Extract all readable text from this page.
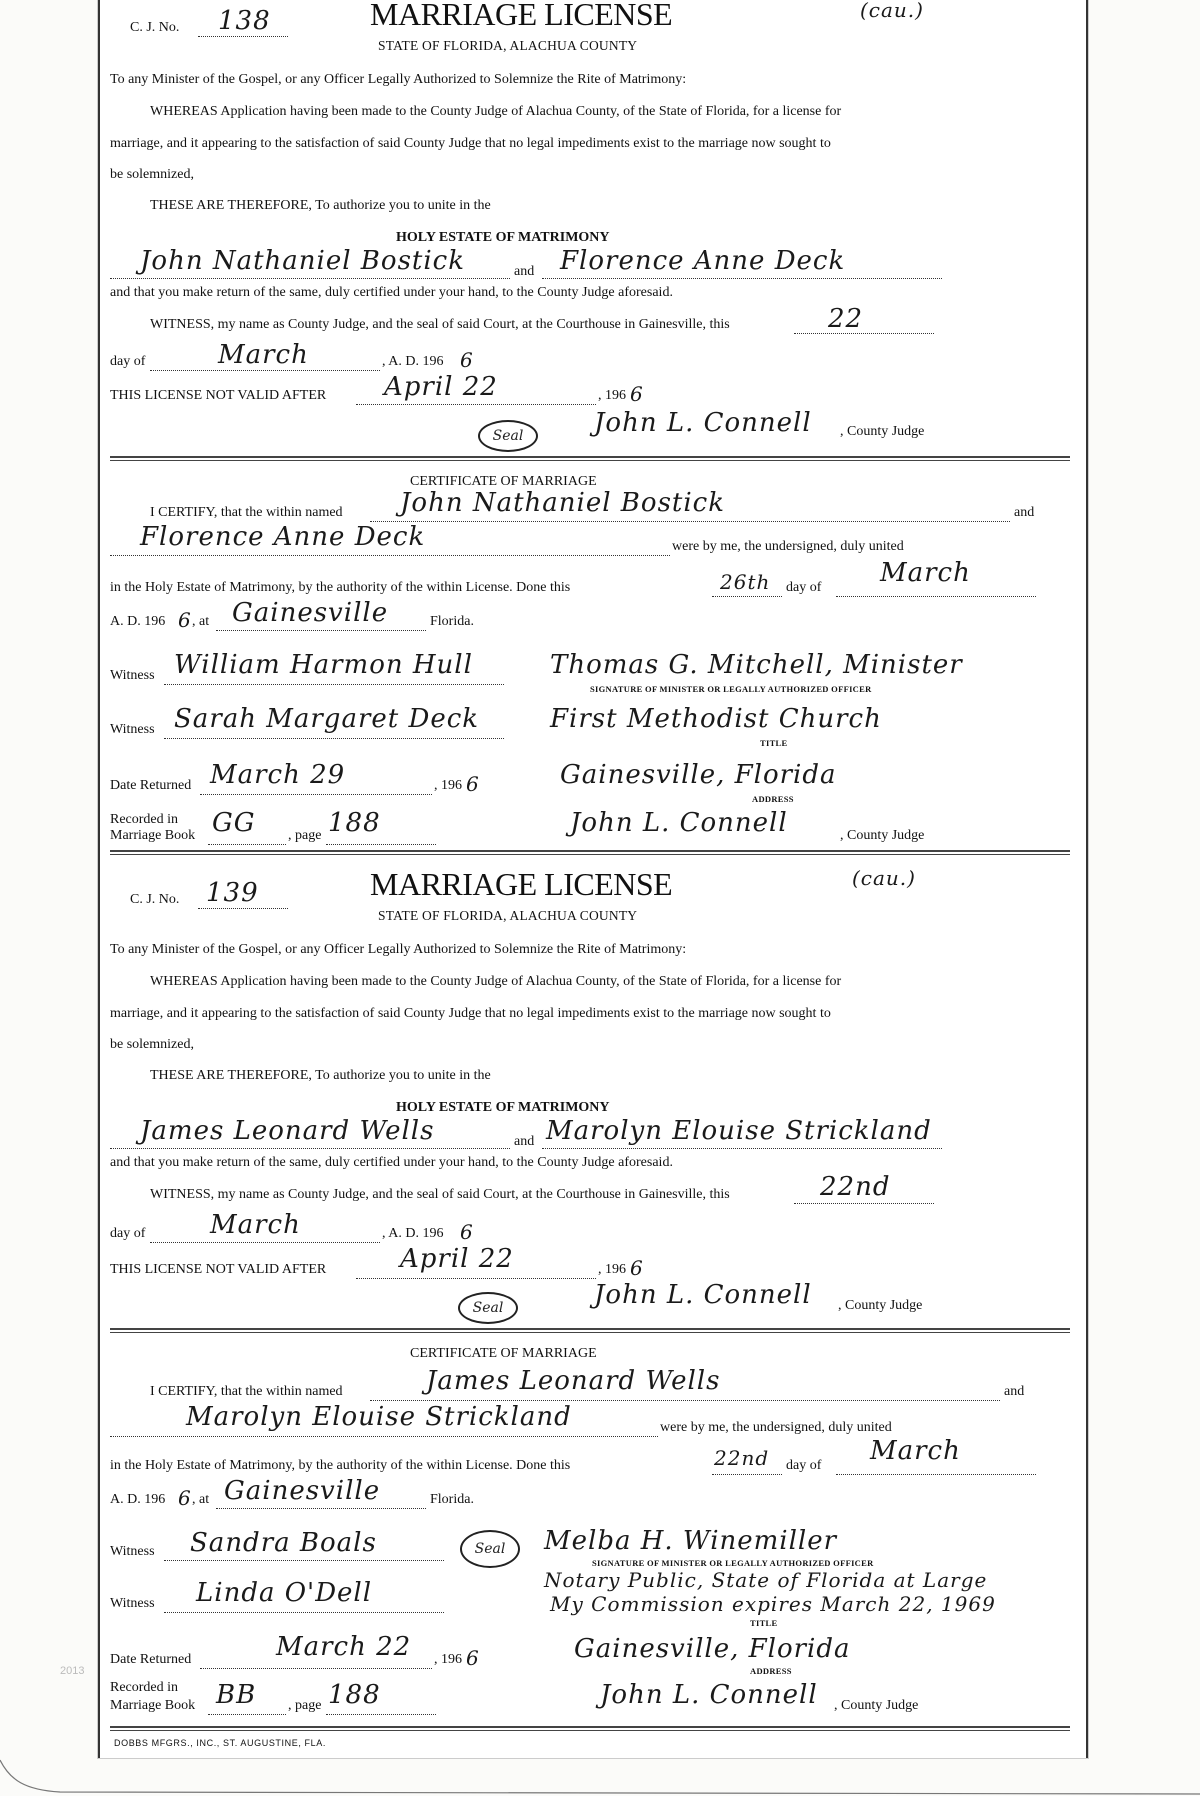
2013
C. J. No. 138	MARRIAGE LICENSE	(cau.)
STATE OF FLORIDA, ALACHUA COUNTY
To any Minister of the Gospel, or any Officer Legally Authorized to Solemnize the Rite of Matrimony:
WHEREAS Application having been made to the County Judge of Alachua County, of the State of Florida, for a license for
marriage, and it appearing to the satisfaction of said County Judge that no legal impediments exist to the marriage now sought to
be solemnized,
THESE ARE THEREFORE, To authorize you to unite in the
HOLY ESTATE OF MATRIMONY
John Nathaniel Bostick	and Florence Anne Deck
and that you make return of the same, duly certified under your hand, to the County Judge aforesaid.
WITNESS, my name as County Judge, and the seal of said Court, at the Courthouse in Gainesville, this	22
day of	March	, A. D. 196 6
THIS LICENSE NOT VALID AFTER April 22	, 196 6
Seal	John L. Connell , County Judge
CERTIFICATE OF MARRIAGE
I CERTIFY, that the within named John Nathaniel Bostick	and
Florence Anne Deck	were by me, the undersigned, duly united
in the Holy Estate of Matrimony, by the authority of the within License. Done this	26th day of March
A. D. 196 6 , at Gainesville	Florida.
Witness William Harmon Hull	Thomas G. Mitchell, Minister
SIGNATURE OF MINISTER OR LEGALLY AUTHORIZED OFFICER
Witness Sarah Margaret Deck	First Methodist Church
TITLE
Date Returned March 29	, 196 6	Gainesville, Florida
ADDRESS
Recorded in
Marriage Book GG , page 188	John L. Connell	, County Judge
C. J. No. 139	MARRIAGE LICENSE	(cau.)
STATE OF FLORIDA, ALACHUA COUNTY
To any Minister of the Gospel, or any Officer Legally Authorized to Solemnize the Rite of Matrimony:
WHEREAS Application having been made to the County Judge of Alachua County, of the State of Florida, for a license for
marriage, and it appearing to the satisfaction of said County Judge that no legal impediments exist to the marriage now sought to
be solemnized,
THESE ARE THEREFORE, To authorize you to unite in the
HOLY ESTATE OF MATRIMONY
James Leonard Wells	and Marolyn Elouise Strickland
and that you make return of the same, duly certified under your hand, to the County Judge aforesaid.
WITNESS, my name as County Judge, and the seal of said Court, at the Courthouse in Gainesville, this	22nd
day of March	, A. D. 196 6
THIS LICENSE NOT VALID AFTER	April 22	, 196 6
Seal	John L. Connell , County Judge
CERTIFICATE OF MARRIAGE
I CERTIFY, that the within named	James Leonard Wells	and
Marolyn Elouise Strickland	were by me, the undersigned, duly united
in the Holy Estate of Matrimony, by the authority of the within License. Done this	22nd day of March
A. D. 196 6 , at Gainesville	Florida.
Witness Sandra Boals	Seal	Melba H. Winemiller
SIGNATURE OF MINISTER OR LEGALLY AUTHORIZED OFFICER
Witness Linda O'Dell	Notary Public, State of Florida at Large
My Commission expires March 22, 1969
TITLE
Date Returned	March 22 , 196 6	Gainesville, Florida
ADDRESS
Recorded in
Marriage Book BB , page 188	John L. Connell , County Judge
DOBBS MFGRS., INC., ST. AUGUSTINE, FLA.
